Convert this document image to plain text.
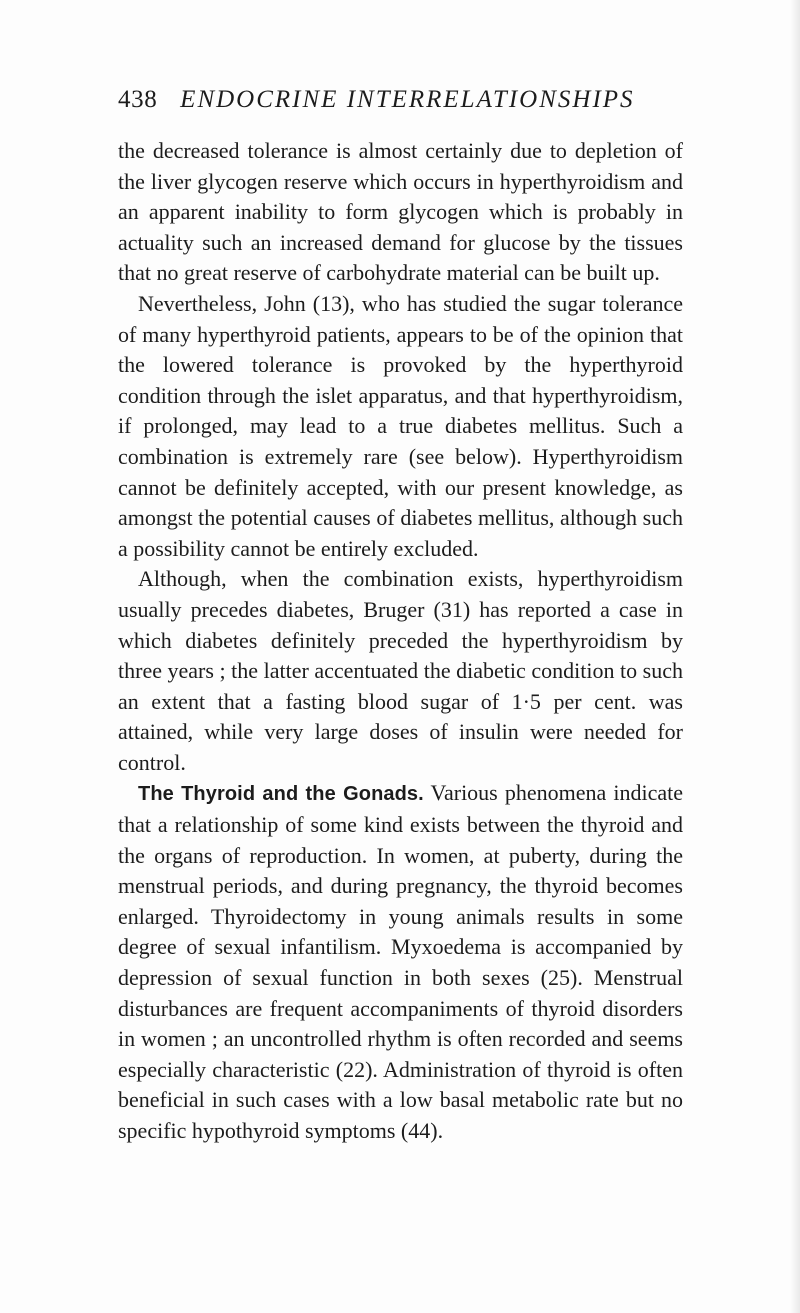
438 ENDOCRINE INTERRELATIONSHIPS

the decreased tolerance is almost certainly due to depletion of the liver glycogen reserve which occurs in hyperthyroidism and an apparent inability to form glycogen which is probably in actuality such an increased demand for glucose by the tissues that no great reserve of carbohydrate material can be built up.

Nevertheless, John (13), who has studied the sugar tolerance of many hyperthyroid patients, appears to be of the opinion that the lowered tolerance is provoked by the hyperthyroid condition through the islet apparatus, and that hyperthyroidism, if prolonged, may lead to a true diabetes mellitus. Such a combination is extremely rare (see below). Hyperthyroidism cannot be definitely accepted, with our present knowledge, as amongst the potential causes of diabetes mellitus, although such a possibility cannot be entirely excluded.

Although, when the combination exists, hyperthyroidism usually precedes diabetes, Bruger (31) has reported a case in which diabetes definitely preceded the hyperthyroidism by three years ; the latter accentuated the diabetic condition to such an extent that a fasting blood sugar of 1·5 per cent. was attained, while very large doses of insulin were needed for control.

The Thyroid and the Gonads. Various phenomena indicate that a relationship of some kind exists between the thyroid and the organs of reproduction. In women, at puberty, during the menstrual periods, and during pregnancy, the thyroid becomes enlarged. Thyroidectomy in young animals results in some degree of sexual infantilism. Myxoedema is accompanied by depression of sexual function in both sexes (25). Menstrual disturbances are frequent accompaniments of thyroid disorders in women ; an uncontrolled rhythm is often recorded and seems especially characteristic (22). Administration of thyroid is often beneficial in such cases with a low basal metabolic rate but no specific hypothyroid symptoms (44).
